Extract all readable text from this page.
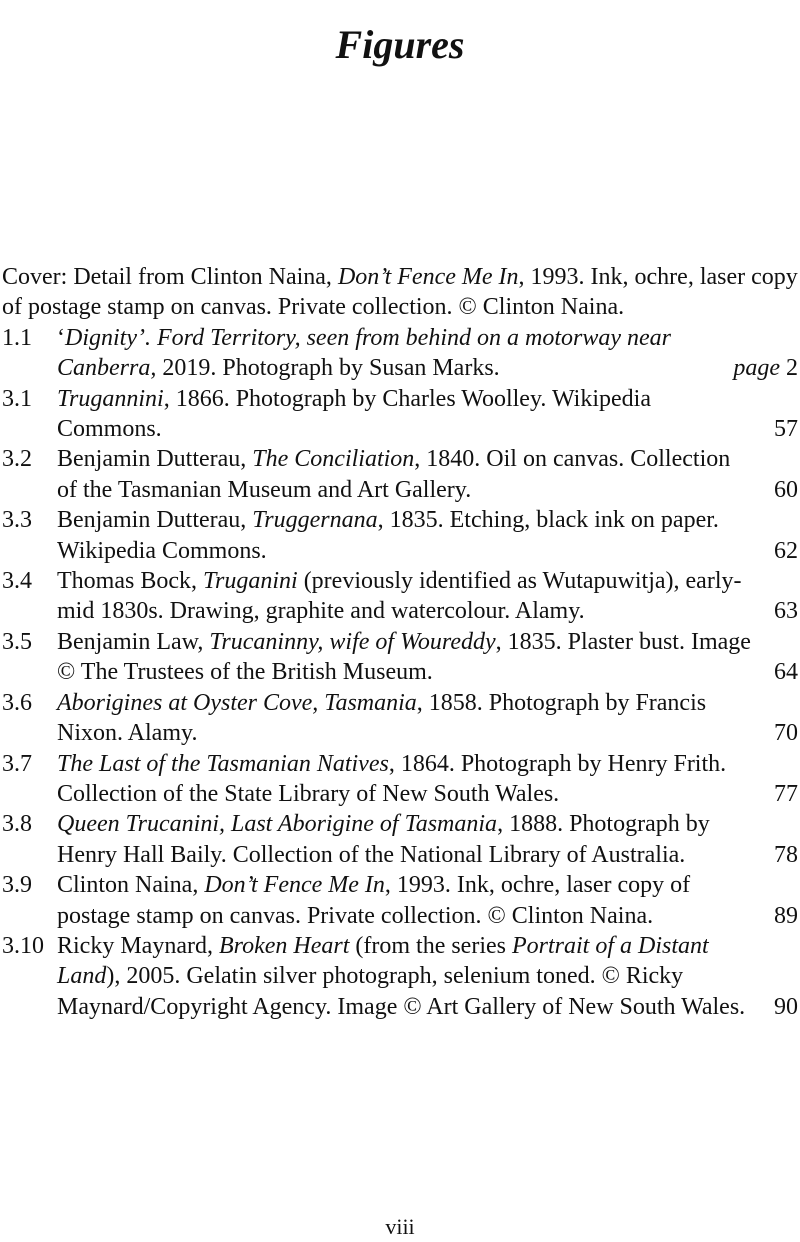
Figures

Cover: Detail from Clinton Naina, Don’t Fence Me In, 1993. Ink, ochre, laser copy of postage stamp on canvas. Private collection. © Clinton Naina.

1.1 ‘Dignity’. Ford Territory, seen from behind on a motorway near Canberra, 2019. Photograph by Susan Marks.	page 2
3.1 Trugannini, 1866. Photograph by Charles Woolley. Wikipedia Commons.	57
3.2 Benjamin Dutterau, The Conciliation, 1840. Oil on canvas. Collection of the Tasmanian Museum and Art Gallery.	60
3.3 Benjamin Dutterau, Truggernana, 1835. Etching, black ink on paper. Wikipedia Commons.	62
3.4 Thomas Bock, Truganini (previously identified as Wutapuwitja), early-mid 1830s. Drawing, graphite and watercolour. Alamy.	63
3.5 Benjamin Law, Trucaninny, wife of Woureddy, 1835. Plaster bust. Image © The Trustees of the British Museum.	64
3.6 Aborigines at Oyster Cove, Tasmania, 1858. Photograph by Francis Nixon. Alamy.	70
3.7 The Last of the Tasmanian Natives, 1864. Photograph by Henry Frith. Collection of the State Library of New South Wales.	77
3.8 Queen Trucanini, Last Aborigine of Tasmania, 1888. Photograph by Henry Hall Baily. Collection of the National Library of Australia.	78
3.9 Clinton Naina, Don’t Fence Me In, 1993. Ink, ochre, laser copy of postage stamp on canvas. Private collection. © Clinton Naina.	89
3.10 Ricky Maynard, Broken Heart (from the series Portrait of a Distant Land), 2005. Gelatin silver photograph, selenium toned. © Ricky Maynard/Copyright Agency. Image © Art Gallery of New South Wales. 90
viii
